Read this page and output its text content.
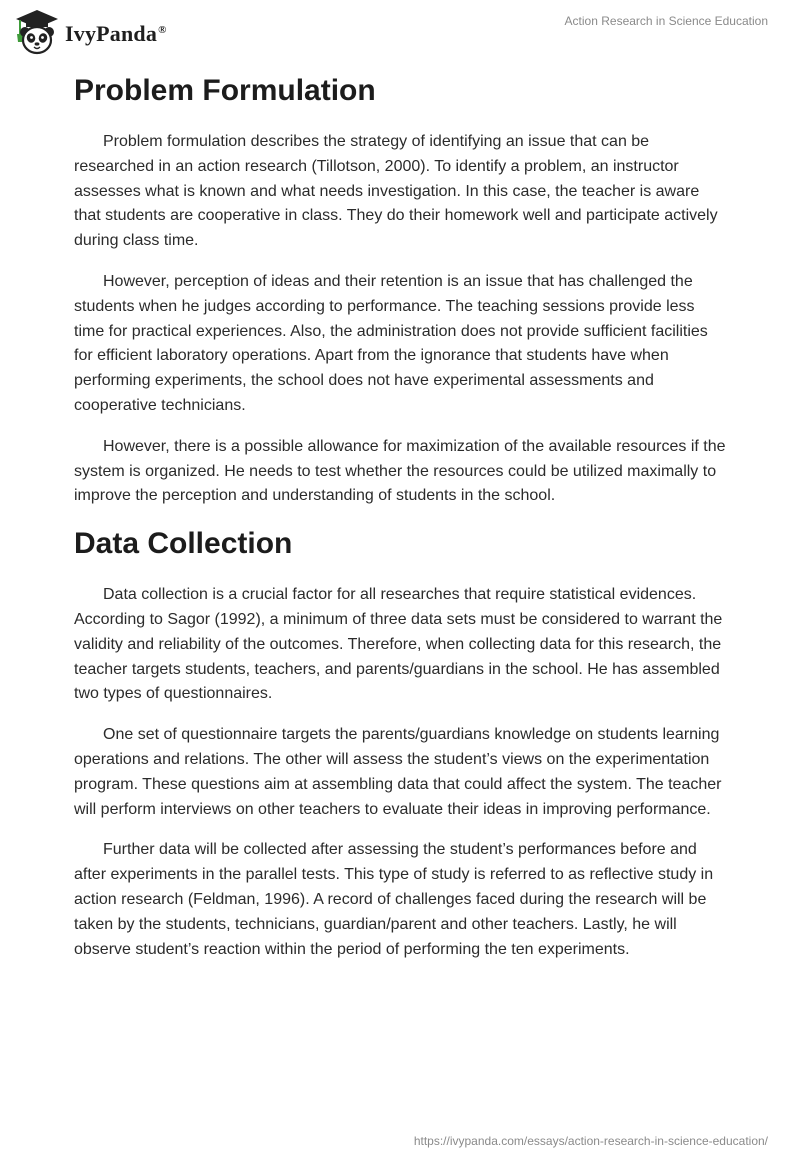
IvyPanda®
Action Research in Science Education
Problem Formulation

Problem formulation describes the strategy of identifying an issue that can be researched in an action research (Tillotson, 2000). To identify a problem, an instructor assesses what is known and what needs investigation. In this case, the teacher is aware that students are cooperative in class. They do their homework well and participate actively during class time.

However, perception of ideas and their retention is an issue that has challenged the students when he judges according to performance. The teaching sessions provide less time for practical experiences. Also, the administration does not provide sufficient facilities for efficient laboratory operations. Apart from the ignorance that students have when performing experiments, the school does not have experimental assessments and cooperative technicians.

However, there is a possible allowance for maximization of the available resources if the system is organized. He needs to test whether the resources could be utilized maximally to improve the perception and understanding of students in the school.

Data Collection

Data collection is a crucial factor for all researches that require statistical evidences. According to Sagor (1992), a minimum of three data sets must be considered to warrant the validity and reliability of the outcomes. Therefore, when collecting data for this research, the teacher targets students, teachers, and parents/guardians in the school. He has assembled two types of questionnaires.

One set of questionnaire targets the parents/guardians knowledge on students learning operations and relations. The other will assess the student’s views on the experimentation program. These questions aim at assembling data that could affect the system. The teacher will perform interviews on other teachers to evaluate their ideas in improving performance.

Further data will be collected after assessing the student’s performances before and after experiments in the parallel tests. This type of study is referred to as reflective study in action research (Feldman, 1996). A record of challenges faced during the research will be taken by the students, technicians, guardian/parent and other teachers. Lastly, he will observe student’s reaction within the period of performing the ten experiments.

https://ivypanda.com/essays/action-research-in-science-education/
